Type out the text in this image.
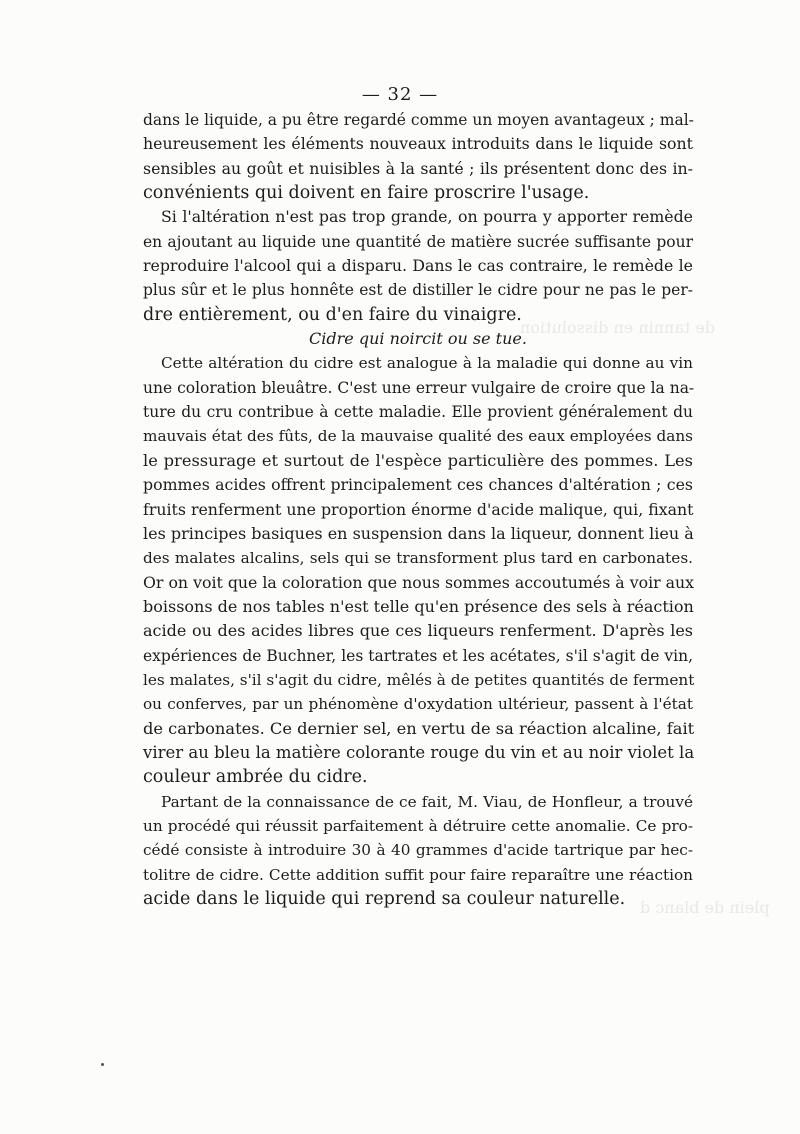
— 32 —
de tannin en dissolution
plein de blanc d
dans le liquide, a pu être regardé comme un moyen avantageux ; mal-
heureusement les éléments nouveaux introduits dans le liquide sont
sensibles au goût et nuisibles à la santé ; ils présentent donc des in-
convénients qui doivent en faire proscrire l'usage.
Si l'altération n'est pas trop grande, on pourra y apporter remède
en ajoutant au liquide une quantité de matière sucrée suffisante pour
reproduire l'alcool qui a disparu. Dans le cas contraire, le remède le
plus sûr et le plus honnête est de distiller le cidre pour ne pas le per-
dre entièrement, ou d'en faire du vinaigre.
Cidre qui noircit ou se tue.
Cette altération du cidre est analogue à la maladie qui donne au vin
une coloration bleuâtre. C'est une erreur vulgaire de croire que la na-
ture du cru contribue à cette maladie. Elle provient généralement du
mauvais état des fûts, de la mauvaise qualité des eaux employées dans
le pressurage et surtout de l'espèce particulière des pommes. Les
pommes acides offrent principalement ces chances d'altération ; ces
fruits renferment une proportion énorme d'acide malique, qui, fixant
les principes basiques en suspension dans la liqueur, donnent lieu à
des malates alcalins, sels qui se transforment plus tard en carbonates.
Or on voit que la coloration que nous sommes accoutumés à voir aux
boissons de nos tables n'est telle qu'en présence des sels à réaction
acide ou des acides libres que ces liqueurs renferment. D'après les
expériences de Buchner, les tartrates et les acétates, s'il s'agit de vin,
les malates, s'il s'agit du cidre, mêlés à de petites quantités de ferment
ou conferves, par un phénomène d'oxydation ultérieur, passent à l'état
de carbonates. Ce dernier sel, en vertu de sa réaction alcaline, fait
virer au bleu la matière colorante rouge du vin et au noir violet la
couleur ambrée du cidre.
Partant de la connaissance de ce fait, M. Viau, de Honfleur, a trouvé
un procédé qui réussit parfaitement à détruire cette anomalie. Ce pro-
cédé consiste à introduire 30 à 40 grammes d'acide tartrique par hec-
tolitre de cidre. Cette addition suffit pour faire reparaître une réaction
acide dans le liquide qui reprend sa couleur naturelle.
